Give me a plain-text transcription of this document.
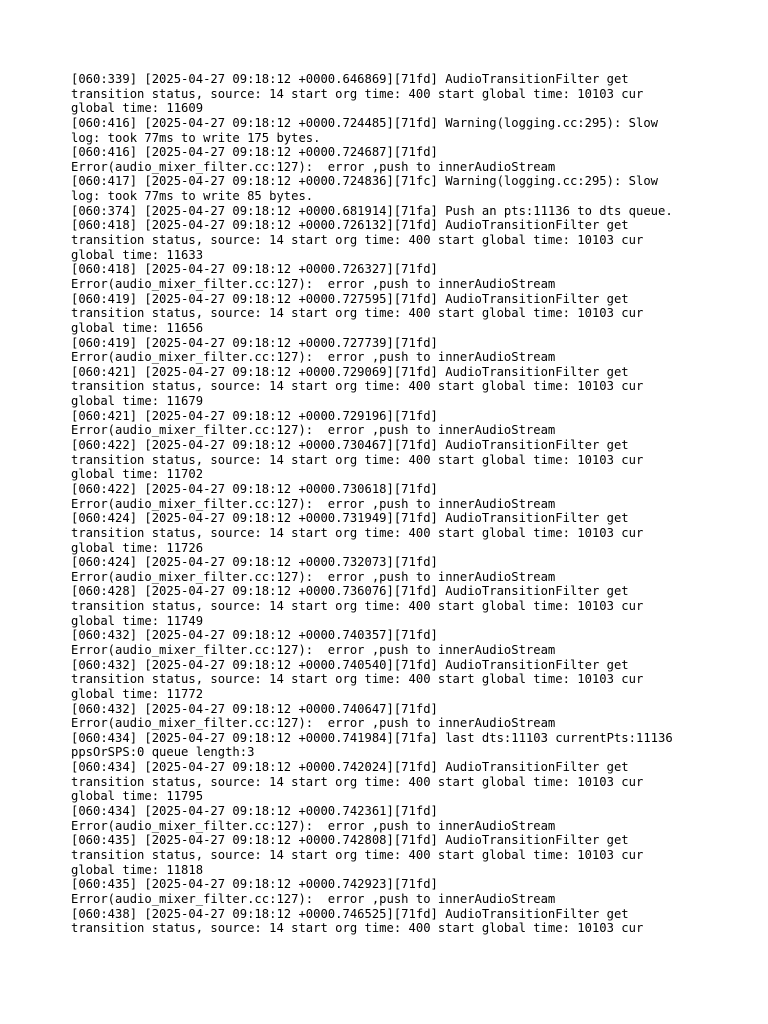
[060:339] [2025-04-27 09:18:12 +0000.646869][71fd] AudioTransitionFilter get
transition status, source: 14 start org time: 400 start global time: 10103 cur
global time: 11609
[060:416] [2025-04-27 09:18:12 +0000.724485][71fd] Warning(logging.cc:295): Slow
log: took 77ms to write 175 bytes.
[060:416] [2025-04-27 09:18:12 +0000.724687][71fd]
Error(audio_mixer_filter.cc:127):  error ,push to innerAudioStream
[060:417] [2025-04-27 09:18:12 +0000.724836][71fc] Warning(logging.cc:295): Slow
log: took 77ms to write 85 bytes.
[060:374] [2025-04-27 09:18:12 +0000.681914][71fa] Push an pts:11136 to dts queue.
[060:418] [2025-04-27 09:18:12 +0000.726132][71fd] AudioTransitionFilter get
transition status, source: 14 start org time: 400 start global time: 10103 cur
global time: 11633
[060:418] [2025-04-27 09:18:12 +0000.726327][71fd]
Error(audio_mixer_filter.cc:127):  error ,push to innerAudioStream
[060:419] [2025-04-27 09:18:12 +0000.727595][71fd] AudioTransitionFilter get
transition status, source: 14 start org time: 400 start global time: 10103 cur
global time: 11656
[060:419] [2025-04-27 09:18:12 +0000.727739][71fd]
Error(audio_mixer_filter.cc:127):  error ,push to innerAudioStream
[060:421] [2025-04-27 09:18:12 +0000.729069][71fd] AudioTransitionFilter get
transition status, source: 14 start org time: 400 start global time: 10103 cur
global time: 11679
[060:421] [2025-04-27 09:18:12 +0000.729196][71fd]
Error(audio_mixer_filter.cc:127):  error ,push to innerAudioStream
[060:422] [2025-04-27 09:18:12 +0000.730467][71fd] AudioTransitionFilter get
transition status, source: 14 start org time: 400 start global time: 10103 cur
global time: 11702
[060:422] [2025-04-27 09:18:12 +0000.730618][71fd]
Error(audio_mixer_filter.cc:127):  error ,push to innerAudioStream
[060:424] [2025-04-27 09:18:12 +0000.731949][71fd] AudioTransitionFilter get
transition status, source: 14 start org time: 400 start global time: 10103 cur
global time: 11726
[060:424] [2025-04-27 09:18:12 +0000.732073][71fd]
Error(audio_mixer_filter.cc:127):  error ,push to innerAudioStream
[060:428] [2025-04-27 09:18:12 +0000.736076][71fd] AudioTransitionFilter get
transition status, source: 14 start org time: 400 start global time: 10103 cur
global time: 11749
[060:432] [2025-04-27 09:18:12 +0000.740357][71fd]
Error(audio_mixer_filter.cc:127):  error ,push to innerAudioStream
[060:432] [2025-04-27 09:18:12 +0000.740540][71fd] AudioTransitionFilter get
transition status, source: 14 start org time: 400 start global time: 10103 cur
global time: 11772
[060:432] [2025-04-27 09:18:12 +0000.740647][71fd]
Error(audio_mixer_filter.cc:127):  error ,push to innerAudioStream
[060:434] [2025-04-27 09:18:12 +0000.741984][71fa] last dts:11103 currentPts:11136
ppsOrSPS:0 queue length:3
[060:434] [2025-04-27 09:18:12 +0000.742024][71fd] AudioTransitionFilter get
transition status, source: 14 start org time: 400 start global time: 10103 cur
global time: 11795
[060:434] [2025-04-27 09:18:12 +0000.742361][71fd]
Error(audio_mixer_filter.cc:127):  error ,push to innerAudioStream
[060:435] [2025-04-27 09:18:12 +0000.742808][71fd] AudioTransitionFilter get
transition status, source: 14 start org time: 400 start global time: 10103 cur
global time: 11818
[060:435] [2025-04-27 09:18:12 +0000.742923][71fd]
Error(audio_mixer_filter.cc:127):  error ,push to innerAudioStream
[060:438] [2025-04-27 09:18:12 +0000.746525][71fd] AudioTransitionFilter get
transition status, source: 14 start org time: 400 start global time: 10103 cur
